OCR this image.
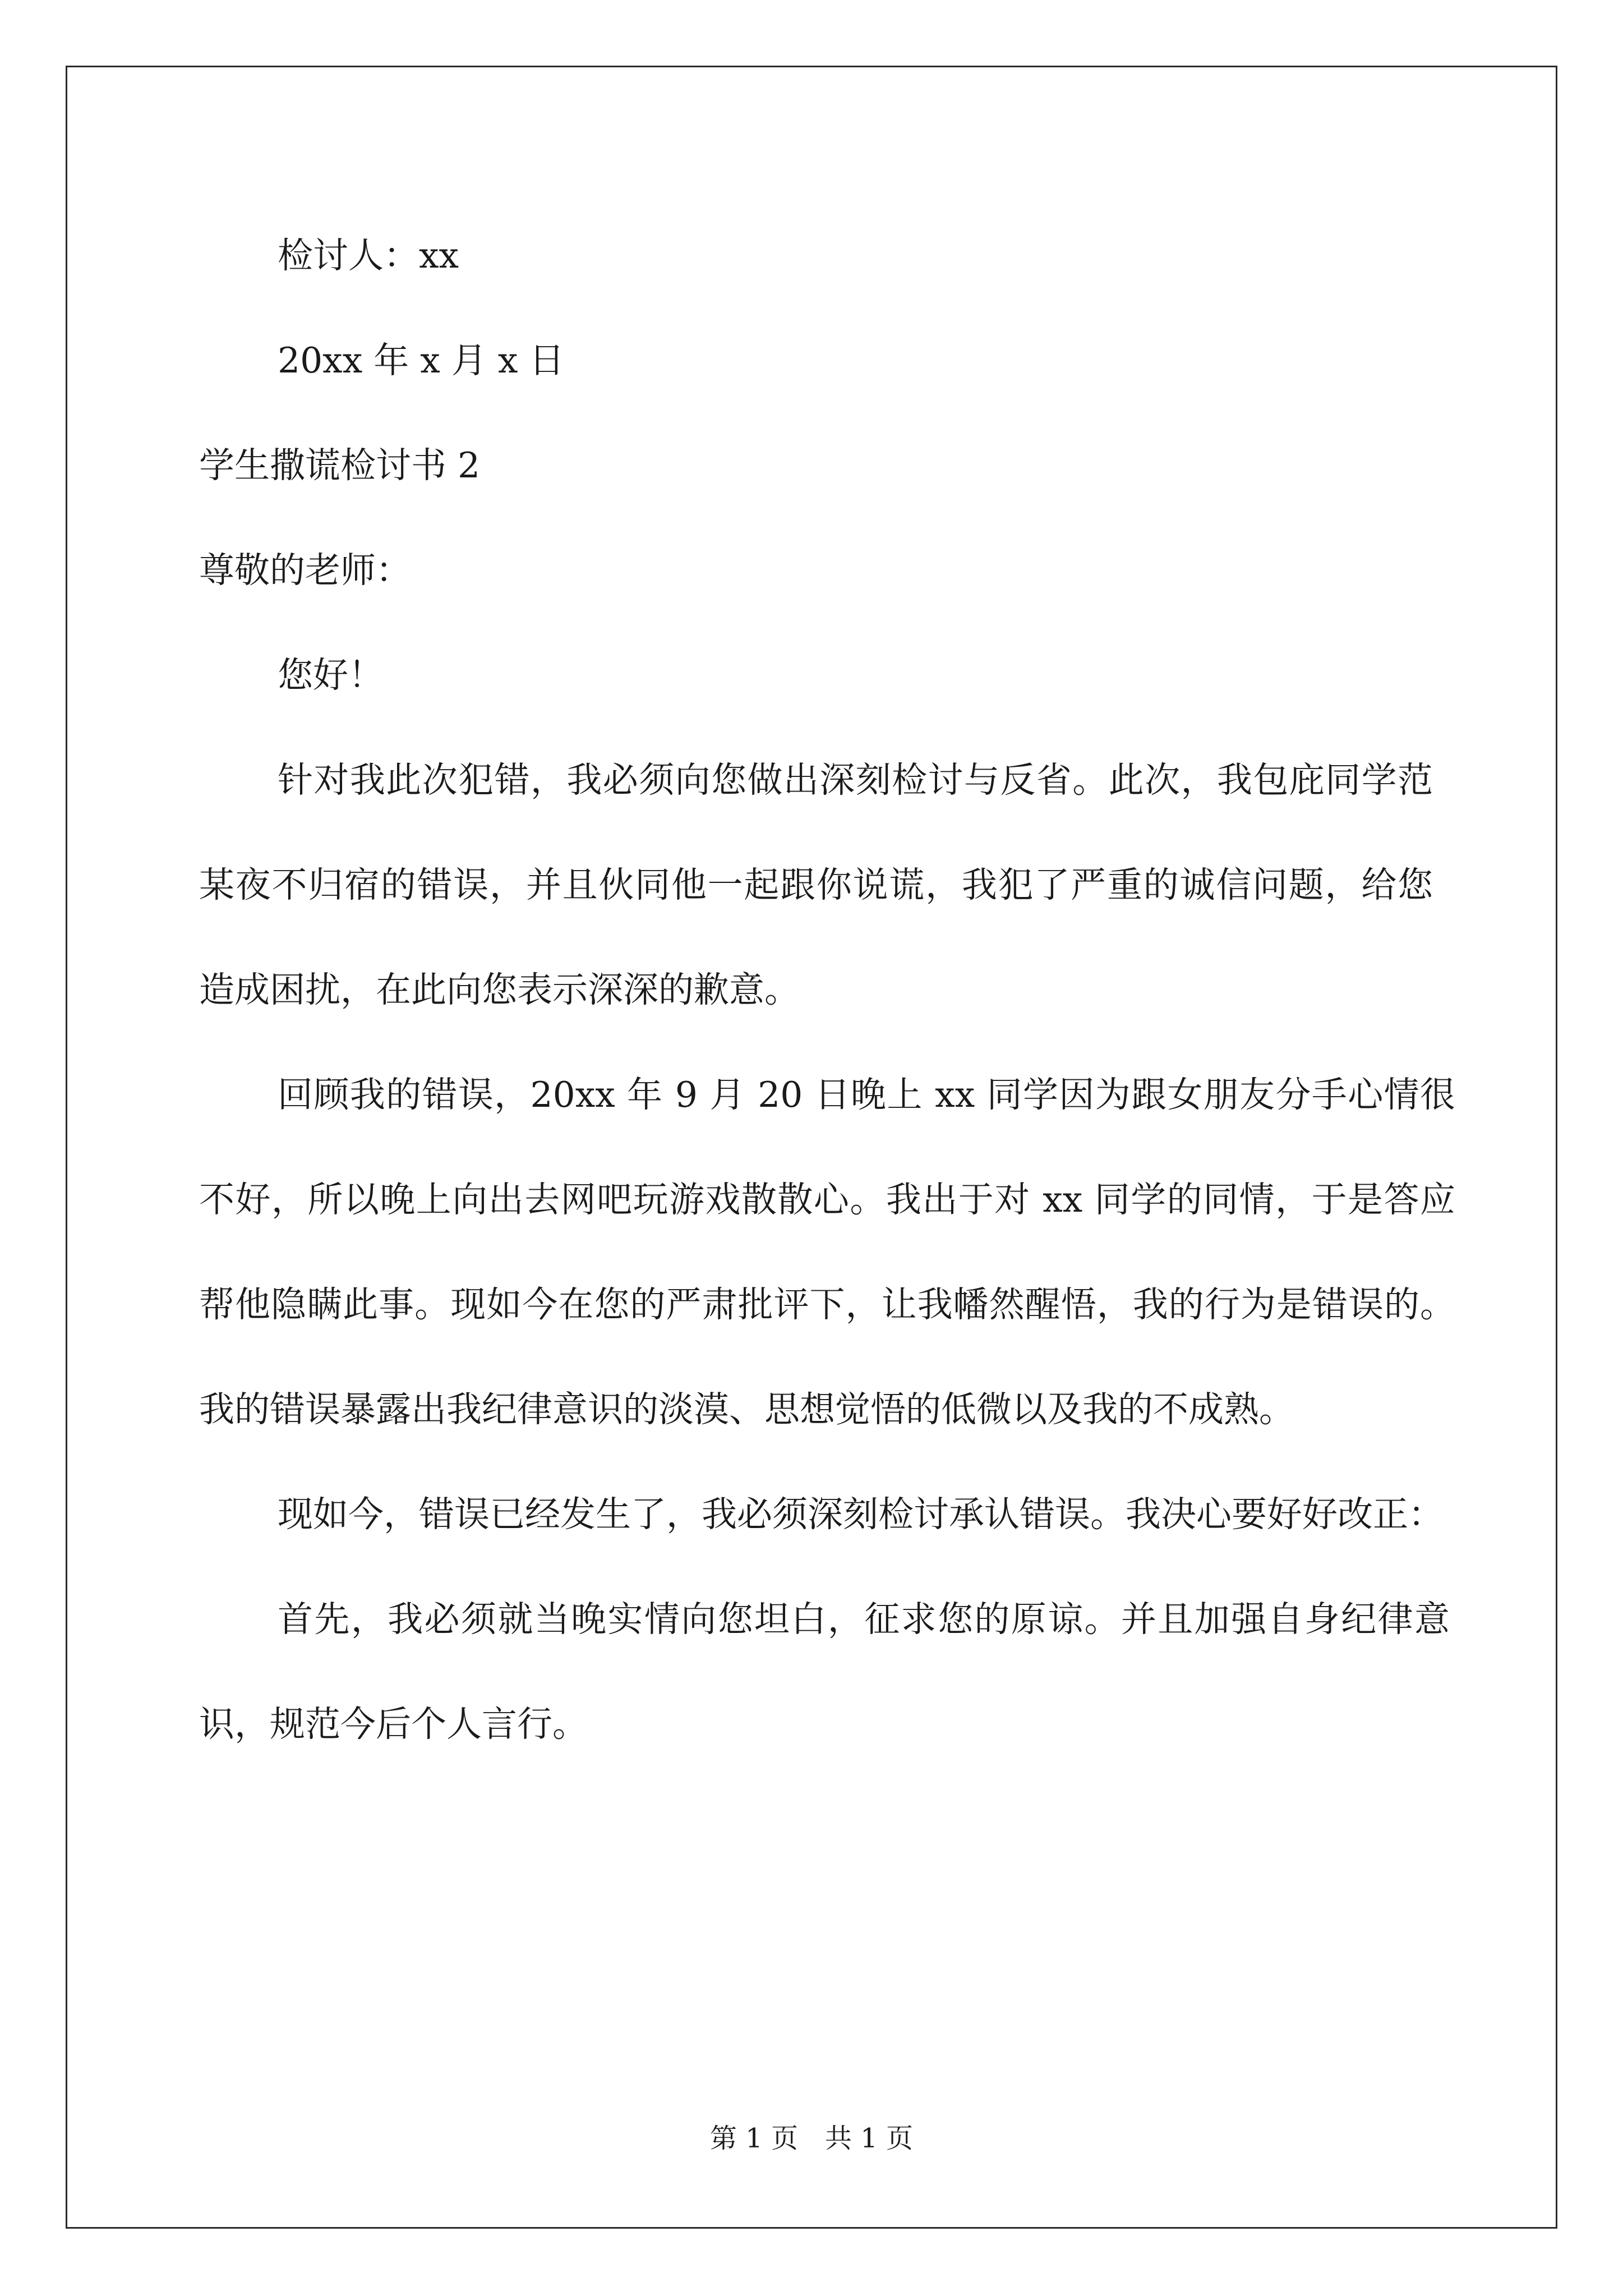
检讨人：xx

20xx 年 x 月 x 日

学生撒谎检讨书 2

尊敬的老师：

您好！

针对我此次犯错，我必须向您做出深刻检讨与反省。此次，我包庇同学范某夜不归宿的错误，并且伙同他一起跟你说谎，我犯了严重的诚信问题，给您造成困扰，在此向您表示深深的歉意。

回顾我的错误，20xx 年 9 月 20 日晚上 xx 同学因为跟女朋友分手心情很不好，所以晚上向出去网吧玩游戏散散心。我出于对 xx 同学的同情，于是答应帮他隐瞒此事。现如今在您的严肃批评下，让我幡然醒悟，我的行为是错误的。我的错误暴露出我纪律意识的淡漠、思想觉悟的低微以及我的不成熟。

现如今，错误已经发生了，我必须深刻检讨承认错误。我决心要好好改正：

首先，我必须就当晚实情向您坦白，征求您的原谅。并且加强自身纪律意识，规范今后个人言行。

第 1 页　共 1 页
